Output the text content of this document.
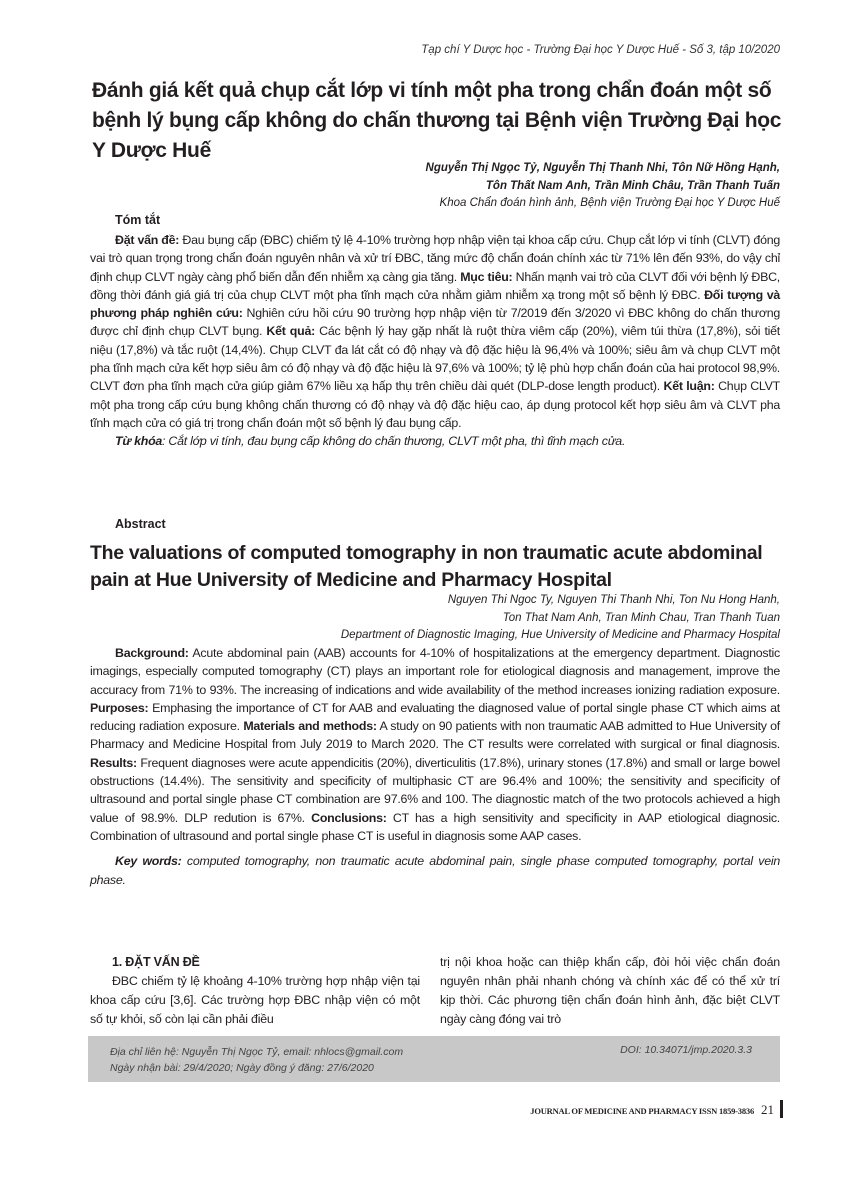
Tạp chí Y Dược học - Trường Đại học Y Dược Huế - Số 3, tập 10/2020
Đánh giá kết quả chụp cắt lớp vi tính một pha trong chẩn đoán một số bệnh lý bụng cấp không do chấn thương tại Bệnh viện Trường Đại học Y Dược Huế
Nguyễn Thị Ngọc Tỷ, Nguyễn Thị Thanh Nhi, Tôn Nữ Hồng Hạnh,
Tôn Thất Nam Anh, Trần Minh Châu, Trần Thanh Tuấn
Khoa Chẩn đoán hình ảnh, Bệnh viện Trường Đại học Y Dược Huế
Tóm tắt

Đặt vấn đề: Đau bụng cấp (ĐBC) chiếm tỷ lệ 4-10% trường hợp nhập viện tại khoa cấp cứu. Chụp cắt lớp vi tính (CLVT) đóng vai trò quan trọng trong chẩn đoán nguyên nhân và xử trí ĐBC, tăng mức độ chẩn đoán chính xác từ 71% lên đến 93%, do vậy chỉ định chụp CLVT ngày càng phổ biến dẫn đến nhiễm xạ càng gia tăng. Mục tiêu: Nhấn mạnh vai trò của CLVT đối với bệnh lý ĐBC, đồng thời đánh giá giá trị của chụp CLVT một pha tĩnh mạch cửa nhằm giảm nhiễm xạ trong một số bệnh lý ĐBC. Đối tượng và phương pháp nghiên cứu: Nghiên cứu hồi cứu 90 trường hợp nhập viện từ 7/2019 đến 3/2020 vì ĐBC không do chấn thương được chỉ định chụp CLVT bụng. Kết quả: Các bệnh lý hay gặp nhất là ruột thừa viêm cấp (20%), viêm túi thừa (17,8%), sỏi tiết niệu (17,8%) và tắc ruột (14,4%). Chụp CLVT đa lát cắt có độ nhạy và độ đặc hiệu là 96,4% và 100%; siêu âm và chụp CLVT một pha tĩnh mạch cửa kết hợp siêu âm có độ nhạy và độ đặc hiệu là 97,6% và 100%; tỷ lệ phù hợp chẩn đoán của hai protocol 98,9%. CLVT đơn pha tĩnh mạch cửa giúp giảm 67% liều xạ hấp thụ trên chiều dài quét (DLP-dose length product). Kết luận: Chụp CLVT một pha trong cấp cứu bụng không chấn thương có độ nhạy và độ đặc hiệu cao, áp dụng protocol kết hợp siêu âm và CLVT pha tĩnh mạch cửa có giá trị trong chẩn đoán một số bệnh lý đau bụng cấp.

Từ khóa: Cắt lớp vi tính, đau bụng cấp không do chấn thương, CLVT một pha, thì tĩnh mạch cửa.

Abstract
The valuations of computed tomography in non traumatic acute abdominal pain at Hue University of Medicine and Pharmacy Hospital
Nguyen Thi Ngoc Ty, Nguyen Thi Thanh Nhi, Ton Nu Hong Hanh,
Ton That Nam Anh, Tran Minh Chau, Tran Thanh Tuan
Department of Diagnostic Imaging, Hue University of Medicine and Pharmacy Hospital

Background: Acute abdominal pain (AAB) accounts for 4-10% of hospitalizations at the emergency department. Diagnostic imagings, especially computed tomography (CT) plays an important role for etiological diagnosis and management, improve the accuracy from 71% to 93%. The increasing of indications and wide availability of the method increases ionizing radiation exposure. Purposes: Emphasing the importance of CT for AAB and evaluating the diagnosed value of portal single phase CT which aims at reducing radiation exposure. Materials and methods: A study on 90 patients with non traumatic AAB admitted to Hue University of Pharmacy and Medicine Hospital from July 2019 to March 2020. The CT results were correlated with surgical or final diagnosis. Results: Frequent diagnoses were acute appendicitis (20%), diverticulitis (17.8%), urinary stones (17.8%) and small or large bowel obstructions (14.4%). The sensitivity and specificity of multiphasic CT are 96.4% and 100%; the sensitivity and specificity of ultrasound and portal single phase CT combination are 97.6% and 100. The diagnostic match of the two protocols achieved a high value of 98.9%. DLP redution is 67%. Conclusions: CT has a high sensitivity and specificity in AAP etiological diagnosic. Combination of ultrasound and portal single phase CT is useful in diagnosis some AAP cases.

Key words: computed tomography, non traumatic acute abdominal pain, single phase computed tomography, portal vein phase.

1. ĐẶT VẤN ĐỀ

ĐBC chiếm tỷ lệ khoảng 4-10% trường hợp nhập viện tại khoa cấp cứu [3,6]. Các trường hợp ĐBC nhập viện có một số tự khỏi, số còn lại cần phải điều

trị nội khoa hoặc can thiệp khẩn cấp, đòi hỏi việc chẩn đoán nguyên nhân phải nhanh chóng và chính xác để có thể xử trí kịp thời. Các phương tiện chẩn đoán hình ảnh, đặc biệt CLVT ngày càng đóng vai trò

Địa chỉ liên hệ: Nguyễn Thị Ngọc Tỷ, email: nhlocs@gmail.com
Ngày nhận bài: 29/4/2020; Ngày đồng ý đăng: 27/6/2020
DOI: 10.34071/jmp.2020.3.3
JOURNAL OF MEDICINE AND PHARMACY ISSN 1859-3836 21
